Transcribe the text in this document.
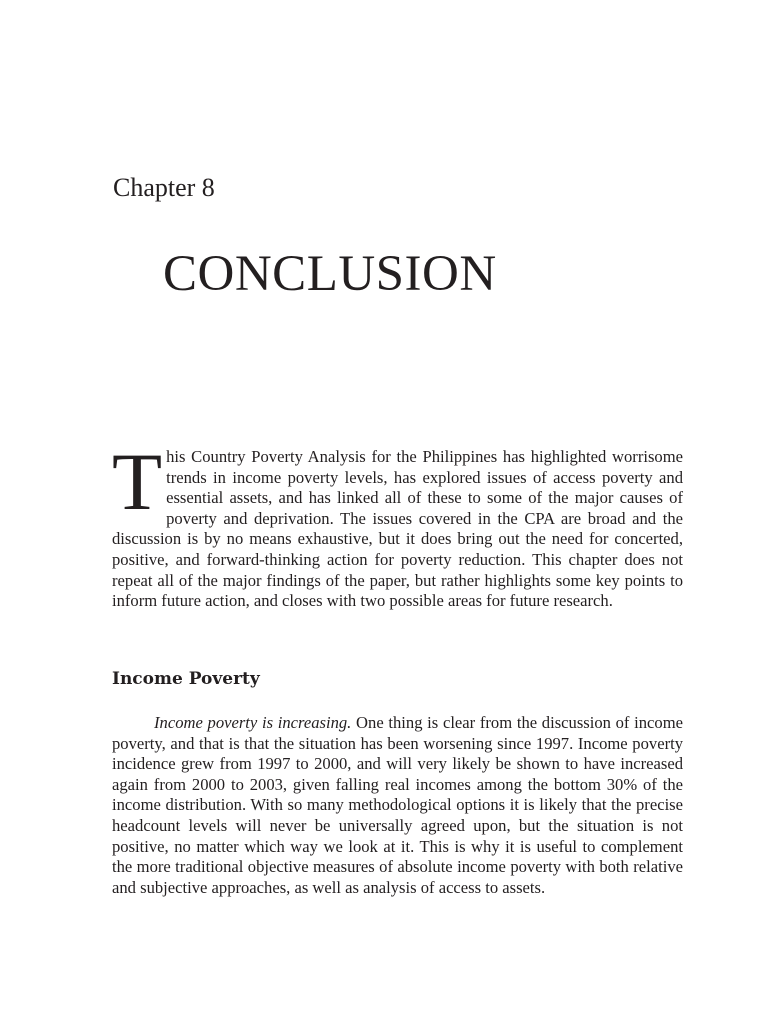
Chapter 8
CONCLUSION

This Country Poverty Analysis for the Philippines has highlighted worrisome trends in income poverty levels, has explored issues of access poverty and essential assets, and has linked all of these to some of the major causes of poverty and deprivation. The issues covered in the CPA are broad and the discussion is by no means exhaustive, but it does bring out the need for concerted, positive, and forward-thinking action for poverty reduction. This chapter does not repeat all of the major findings of the paper, but rather highlights some key points to inform future action, and closes with two possible areas for future research.

Income Poverty

Income poverty is increasing. One thing is clear from the discussion of income poverty, and that is that the situation has been worsening since 1997. Income poverty incidence grew from 1997 to 2000, and will very likely be shown to have increased again from 2000 to 2003, given falling real incomes among the bottom 30% of the income distribution. With so many methodological options it is likely that the precise headcount levels will never be universally agreed upon, but the situation is not positive, no matter which way we look at it. This is why it is useful to complement the more traditional objective measures of absolute income poverty with both relative and subjective approaches, as well as analysis of access to assets.
